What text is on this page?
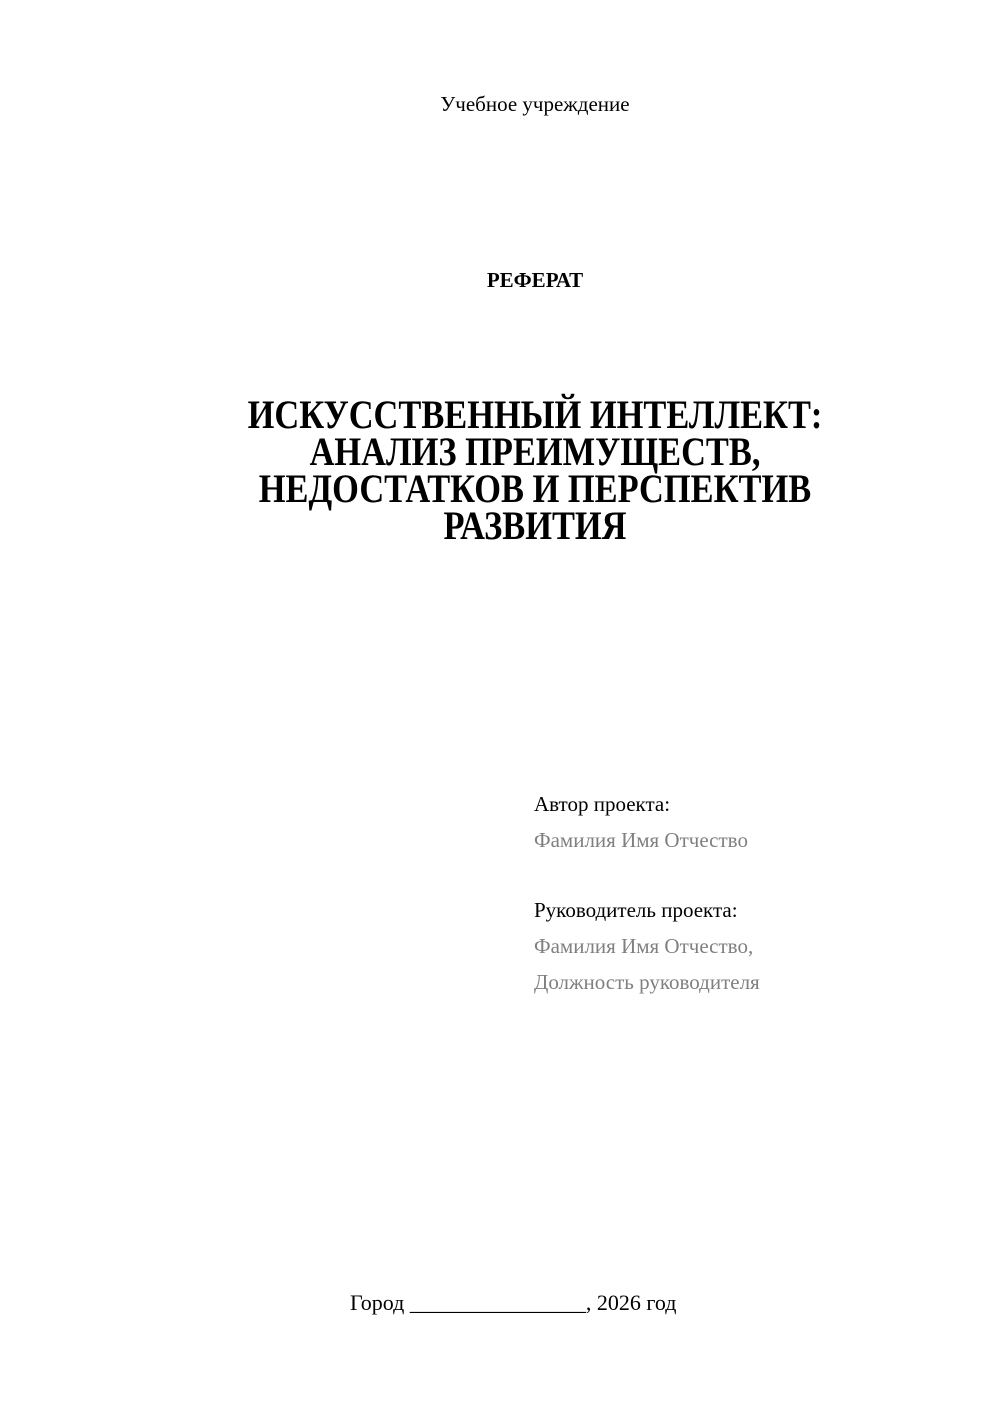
Учебное учреждение
РЕФЕРАТ
ИСКУССТВЕННЫЙ ИНТЕЛЛЕКТ:
АНАЛИЗ ПРЕИМУЩЕСТВ,
НЕДОСТАТКОВ И ПЕРСПЕКТИВ
РАЗВИТИЯ
Автор проекта:
Фамилия Имя Отчество
Руководитель проекта:
Фамилия Имя Отчество,
Должность руководителя
Город ________________, 2026 год
